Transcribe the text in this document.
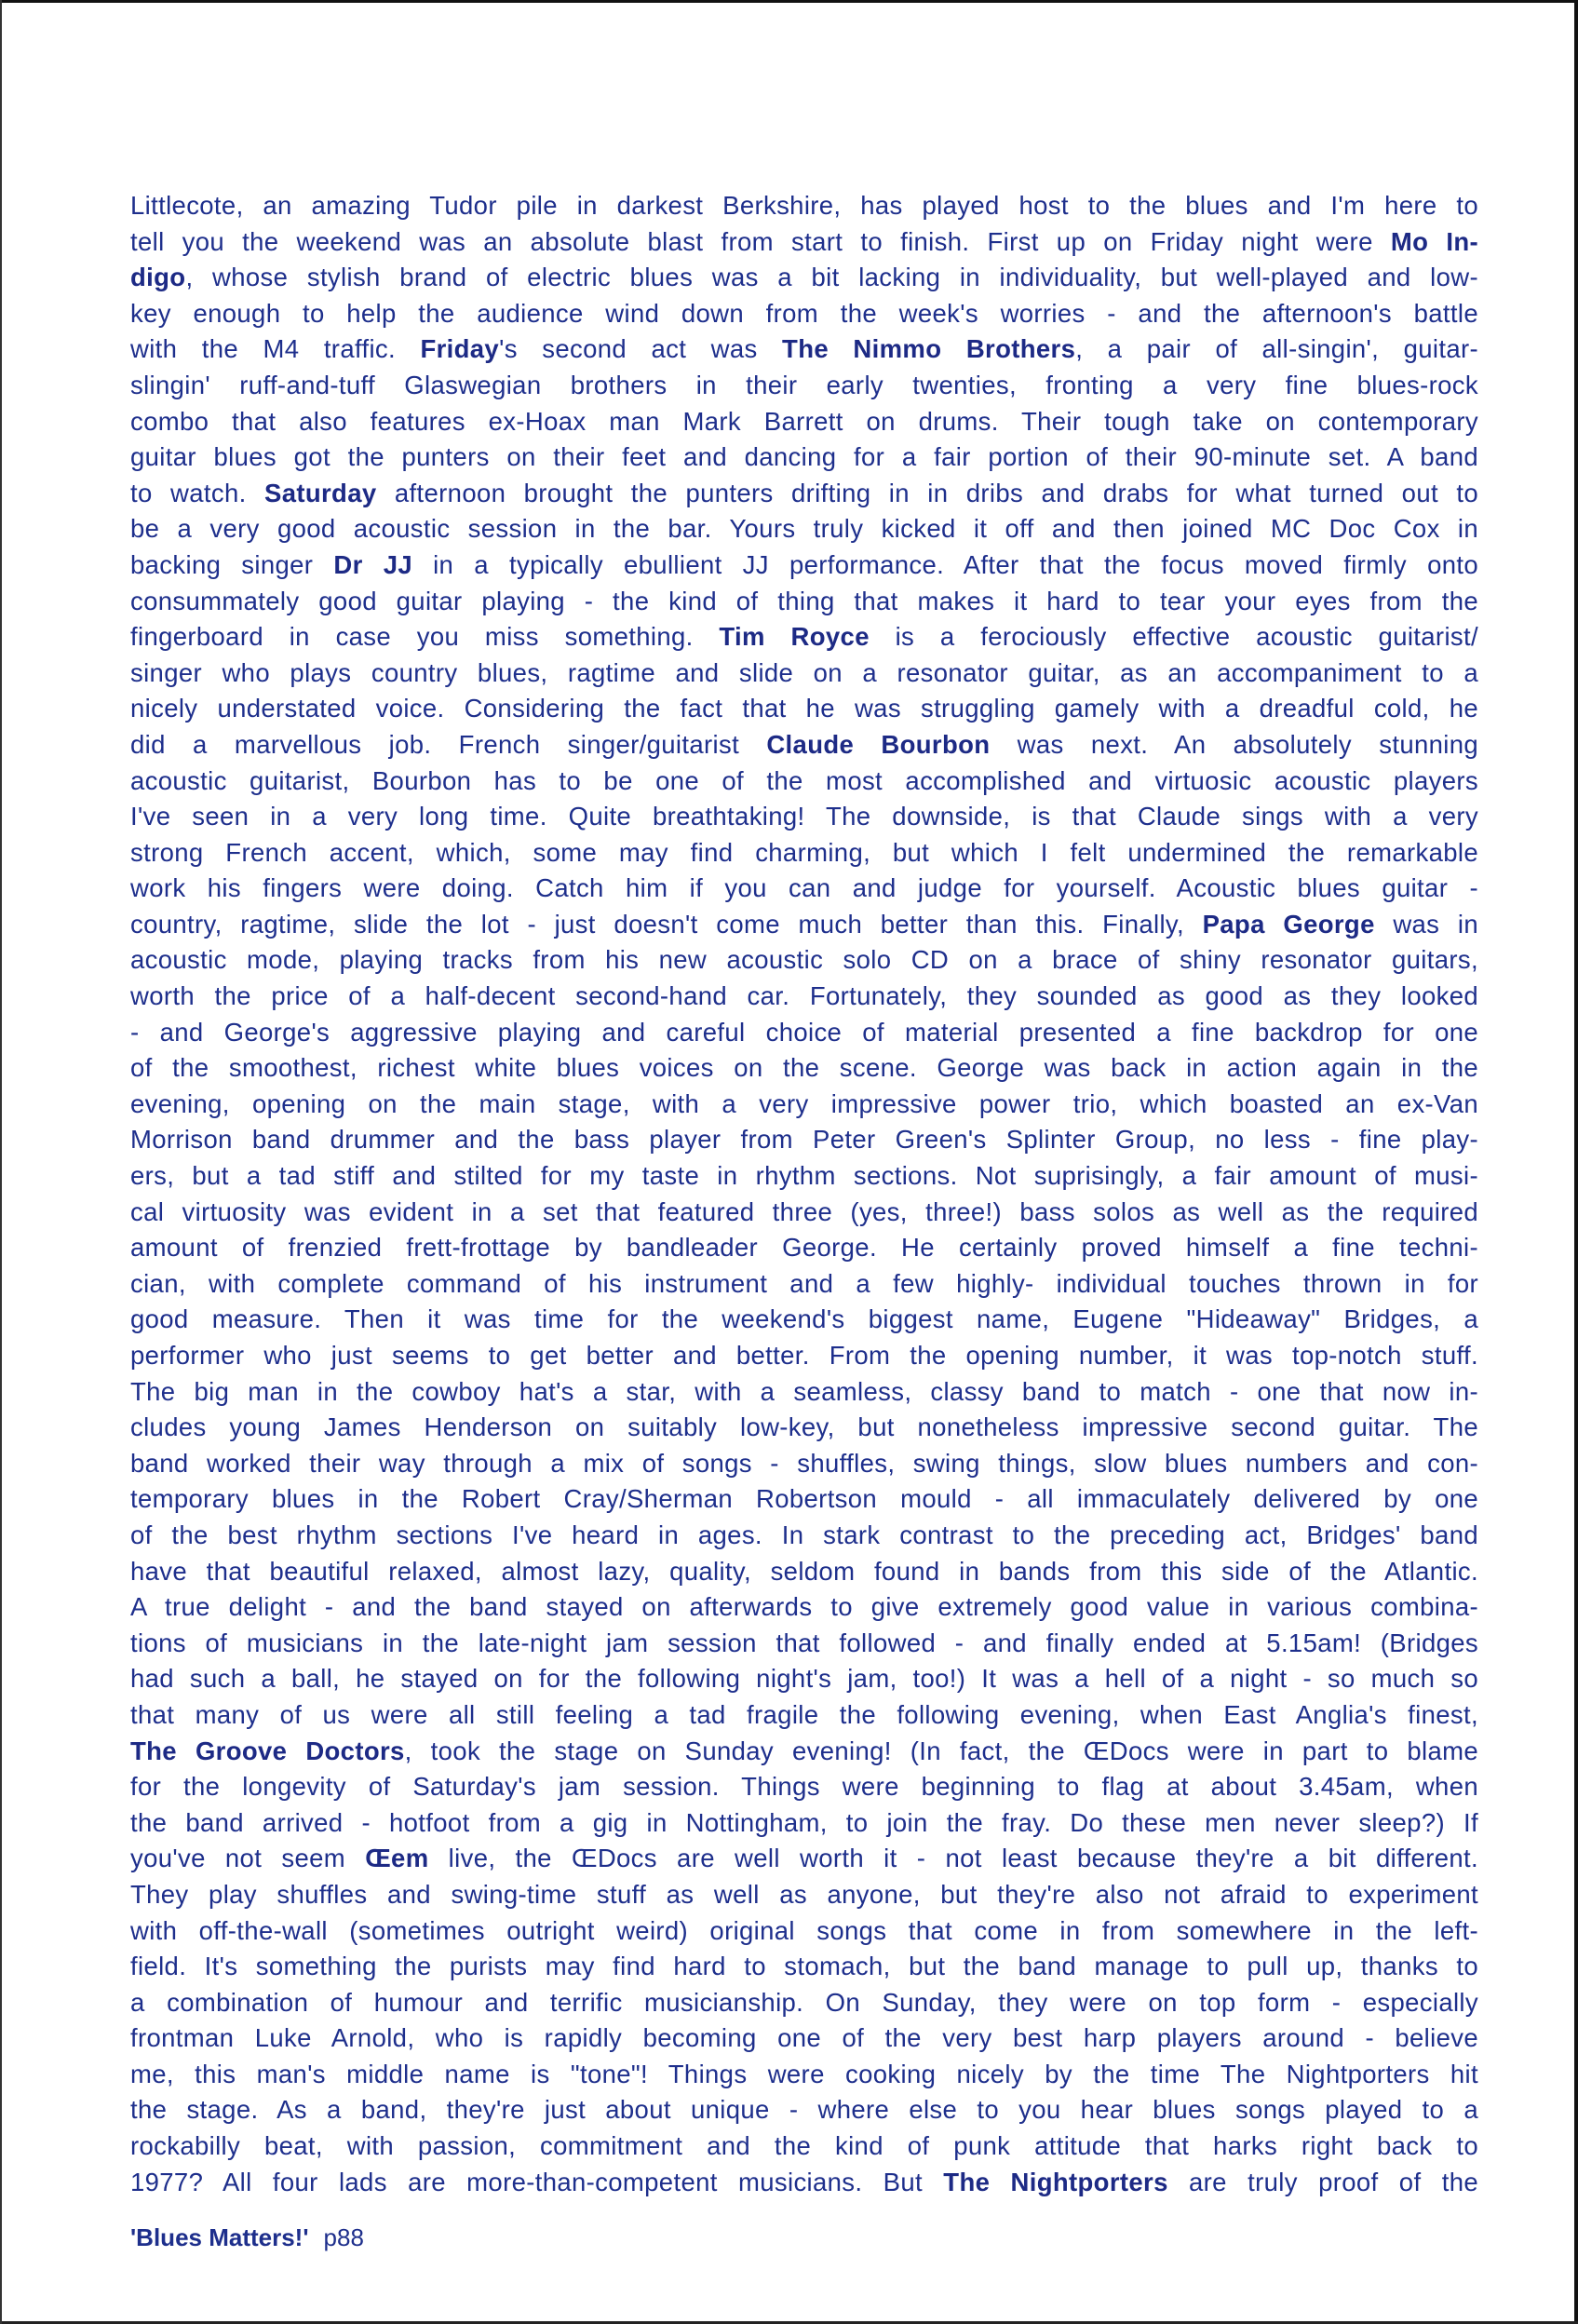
Littlecote, an amazing Tudor pile in darkest Berkshire, has played host to the blues and I'm here to
tell you the weekend was an absolute blast from start to finish. First up on Friday night were Mo In-
digo, whose stylish brand of electric blues was a bit lacking in individuality, but well-played and low-
key enough to help the audience wind down from the week's worries - and the afternoon's battle
with the M4 traffic. Friday's second act was The Nimmo Brothers, a pair of all-singin', guitar-
slingin' ruff-and-tuff Glaswegian brothers in their early twenties, fronting a very fine blues-rock
combo that also features ex-Hoax man Mark Barrett on drums. Their tough take on contemporary
guitar blues got the punters on their feet and dancing for a fair portion of their 90-minute set. A band
to watch. Saturday afternoon brought the punters drifting in in dribs and drabs for what turned out to
be a very good acoustic session in the bar. Yours truly kicked it off and then joined MC Doc Cox in
backing singer Dr JJ in a typically ebullient JJ performance. After that the focus moved firmly onto
consummately good guitar playing - the kind of thing that makes it hard to tear your eyes from the
fingerboard in case you miss something. Tim Royce is a ferociously effective acoustic guitarist/
singer who plays country blues, ragtime and slide on a resonator guitar, as an accompaniment to a
nicely understated voice. Considering the fact that he was struggling gamely with a dreadful cold, he
did a marvellous job. French singer/guitarist Claude Bourbon was next. An absolutely stunning
acoustic guitarist, Bourbon has to be one of the most accomplished and virtuosic acoustic players
I've seen in a very long time. Quite breathtaking! The downside, is that Claude sings with a very
strong French accent, which, some may find charming, but which I felt undermined the remarkable
work his fingers were doing. Catch him if you can and judge for yourself. Acoustic blues guitar -
country, ragtime, slide the lot - just doesn't come much better than this. Finally, Papa George was in
acoustic mode, playing tracks from his new acoustic solo CD on a brace of shiny resonator guitars,
worth the price of a half-decent second-hand car. Fortunately, they sounded as good as they looked
- and George's aggressive playing and careful choice of material presented a fine backdrop for one
of the smoothest, richest white blues voices on the scene. George was back in action again in the
evening, opening on the main stage, with a very impressive power trio, which boasted an ex-Van
Morrison band drummer and the bass player from Peter Green's Splinter Group, no less - fine play-
ers, but a tad stiff and stilted for my taste in rhythm sections. Not suprisingly, a fair amount of musi-
cal virtuosity was evident in a set that featured three (yes, three!) bass solos as well as the required
amount of frenzied frett-frottage by bandleader George. He certainly proved himself a fine techni-
cian, with complete command of his instrument and a few highly- individual touches thrown in for
good measure. Then it was time for the weekend's biggest name, Eugene "Hideaway" Bridges, a
performer who just seems to get better and better. From the opening number, it was top-notch stuff.
The big man in the cowboy hat's a star, with a seamless, classy band to match - one that now in-
cludes young James Henderson on suitably low-key, but nonetheless impressive second guitar. The
band worked their way through a mix of songs - shuffles, swing things, slow blues numbers and con-
temporary blues in the Robert Cray/Sherman Robertson mould - all immaculately delivered by one
of the best rhythm sections I've heard in ages. In stark contrast to the preceding act, Bridges' band
have that beautiful relaxed, almost lazy, quality, seldom found in bands from this side of the Atlantic.
A true delight - and the band stayed on afterwards to give extremely good value in various combina-
tions of musicians in the late-night jam session that followed - and finally ended at 5.15am! (Bridges
had such a ball, he stayed on for the following night's jam, too!) It was a hell of a night - so much so
that many of us were all still feeling a tad fragile the following evening, when East Anglia's finest,
The Groove Doctors, took the stage on Sunday evening! (In fact, the ŒDocs were in part to blame
for the longevity of Saturday's jam session. Things were beginning to flag at about 3.45am, when
the band arrived - hotfoot from a gig in Nottingham, to join the fray. Do these men never sleep?) If
you've not seem Œem live, the ŒDocs are well worth it - not least because they're a bit different.
They play shuffles and swing-time stuff as well as anyone, but they're also not afraid to experiment
with off-the-wall (sometimes outright weird) original songs that come in from somewhere in the left-
field. It's something the purists may find hard to stomach, but the band manage to pull up, thanks to
a combination of humour and terrific musicianship. On Sunday, they were on top form - especially
frontman Luke Arnold, who is rapidly becoming one of the very best harp players around - believe
me, this man's middle name is "tone"! Things were cooking nicely by the time The Nightporters hit
the stage. As a band, they're just about unique - where else to you hear blues songs played to a
rockabilly beat, with passion, commitment and the kind of punk attitude that harks right back to
1977? All four lads are more-than-competent musicians. But The Nightporters are truly proof of the
'Blues Matters!' p88
